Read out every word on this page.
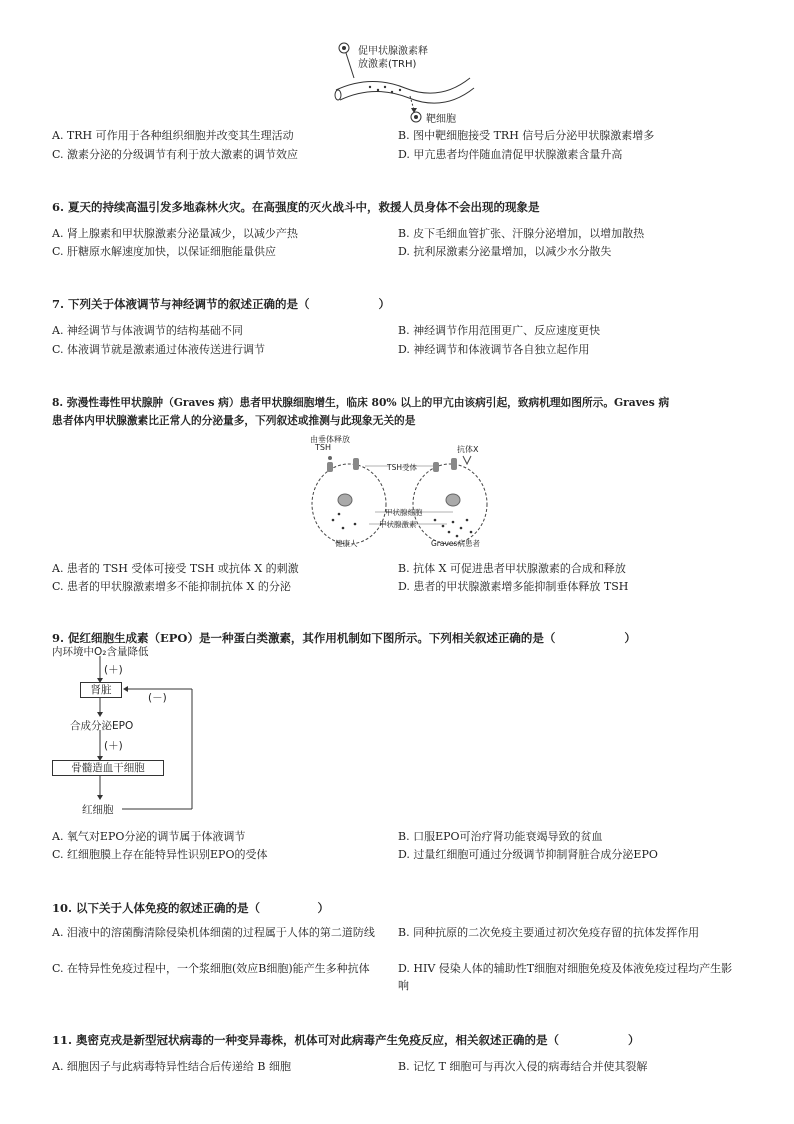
促甲状腺激素释
放激素(TRH)
靶细胞
A. TRH 可作用于各种组织细胞并改变其生理活动	B. 图中靶细胞接受 TRH 信号后分泌甲状腺激素增多
C. 激素分泌的分级调节有利于放大激素的调节效应	D. 甲亢患者均伴随血清促甲状腺激素含量升高
6. 夏天的持续高温引发多地森林火灾。在高强度的灭火战斗中，救援人员身体不会出现的现象是
A. 肾上腺素和甲状腺激素分泌量减少，以减少产热	B. 皮下毛细血管扩张、汗腺分泌增加，以增加散热
C. 肝糖原水解速度加快，以保证细胞能量供应	D. 抗利尿激素分泌量增加，以减少水分散失
7. 下列关于体液调节与神经调节的叙述正确的是（　　　　　　）
A. 神经调节与体液调节的结构基础不同	B. 神经调节作用范围更广、反应速度更快
C. 体液调节就是激素通过体液传送进行调节	D. 神经调节和体液调节各自独立起作用
8. 弥漫性毒性甲状腺肿（Graves 病）患者甲状腺细胞增生，临床 80% 以上的甲亢由该病引起，致病机理如图所示。Graves 病
患者体内甲状腺激素比正常人的分泌量多，下列叙述或推测与此现象无关的是
由垂体释放
TSH
TSH受体
抗体X
甲状腺细胞
甲状腺激素
健康人	Graves病患者
A. 患者的 TSH 受体可接受 TSH 或抗体 X 的刺激	B. 抗体 X 可促进患者甲状腺激素的合成和释放
C. 患者的甲状腺激素增多不能抑制抗体 X 的分泌	D. 患者的甲状腺激素增多能抑制垂体释放 TSH
9. 促红细胞生成素（EPO）是一种蛋白类激素，其作用机制如下图所示。下列相关叙述正确的是（　　　　　　）
内环境中O₂含量降低
(＋)
肾脏
(－)
合成分泌EPO
(＋)
骨髓造血干细胞
红细胞
A. 氧气对EPO分泌的调节属于体液调节	B. 口服EPO可治疗肾功能衰竭导致的贫血
C. 红细胞膜上存在能特异性识别EPO的受体	D. 过量红细胞可通过分级调节抑制肾脏合成分泌EPO
10. 以下关于人体免疫的叙述正确的是（　　　　　）
A. 泪液中的溶菌酶清除侵染机体细菌的过程属于人体的第二道防线	B. 同种抗原的二次免疫主要通过初次免疫存留的抗体发挥作用
C. 在特异性免疫过程中，一个浆细胞(效应B细胞)能产生多种抗体	D. HIV 侵染人体的辅助性T细胞对细胞免疫及体液免疫过程均产生影响
11. 奥密克戎是新型冠状病毒的一种变异毒株，机体可对此病毒产生免疫反应，相关叙述正确的是（　　　　　　）
A. 细胞因子与此病毒特异性结合后传递给 B 细胞	B. 记忆 T 细胞可与再次入侵的病毒结合并使其裂解
